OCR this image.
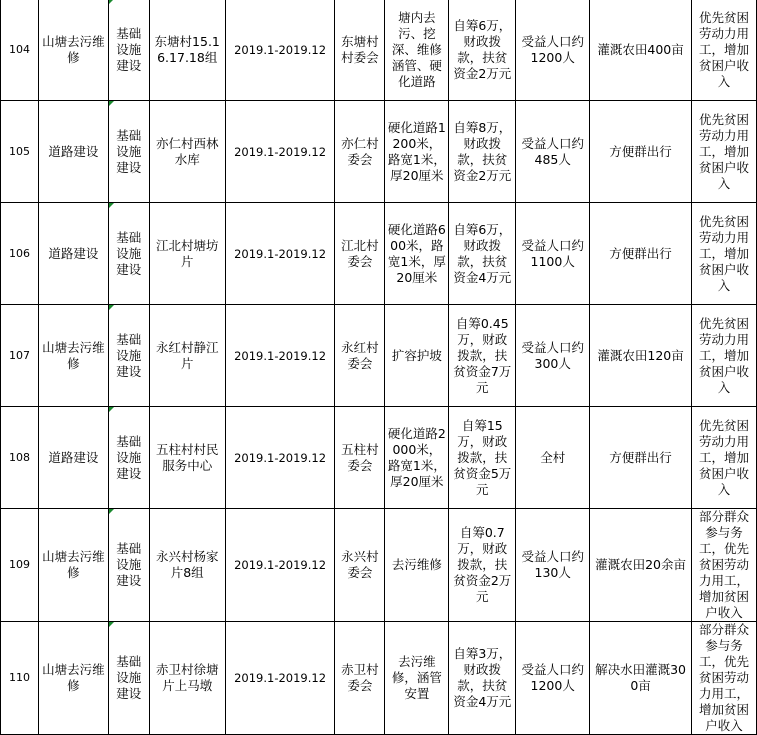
104	山塘去污维修	基础设施建设	东塘村15.16.17.18组	2019.1-2019.12	东塘村村委会	塘内去污、挖深、维修涵管、硬化道路	自筹6万，财政拨款，扶贫资金2万元	受益人口约1200人	灌溉农田400亩	优先贫困劳动力用工，增加贫困户收入
105	道路建设	基础设施建设	亦仁村西林水库	2019.1-2019.12	亦仁村委会	硬化道路1200米，路宽1米，厚20厘米	自筹8万，财政拨款，扶贫资金2万元	受益人口约485人	方便群出行	优先贫困劳动力用工，增加贫困户收入
106	道路建设	基础设施建设	江北村塘坊片	2019.1-2019.12	江北村委会	硬化道路600米，路宽1米，厚20厘米	自筹6万，财政拨款，扶贫资金4万元	受益人口约1100人	方便群出行	优先贫困劳动力用工，增加贫困户收入
107	山塘去污维修	基础设施建设	永红村静江片	2019.1-2019.12	永红村委会	扩容护坡	自筹0.45万，财政拨款，扶贫资金7万元	受益人口约300人	灌溉农田120亩	优先贫困劳动力用工，增加贫困户收入
108	道路建设	基础设施建设	五柱村村民服务中心	2019.1-2019.12	五柱村委会	硬化道路2000米，路宽1米，厚20厘米	自筹15万，财政拨款，扶贫资金5万元	全村	方便群出行	优先贫困劳动力用工，增加贫困户收入
109	山塘去污维修	基础设施建设	永兴村杨家片8组	2019.1-2019.12	永兴村委会	去污维修	自筹0.7万，财政拨款，扶贫资金2万元	受益人口约130人	灌溉农田20余亩	部分群众参与务工，优先贫困劳动力用工，增加贫困户收入
110	山塘去污维修	基础设施建设	赤卫村徐塘片上马墩	2019.1-2019.12	赤卫村委会	去污维修，涵管安置	自筹3万，财政拨款，扶贫资金4万元	受益人口约1200人	解决水田灌溉300亩	部分群众参与务工，优先贫困劳动力用工，增加贫困户收入
